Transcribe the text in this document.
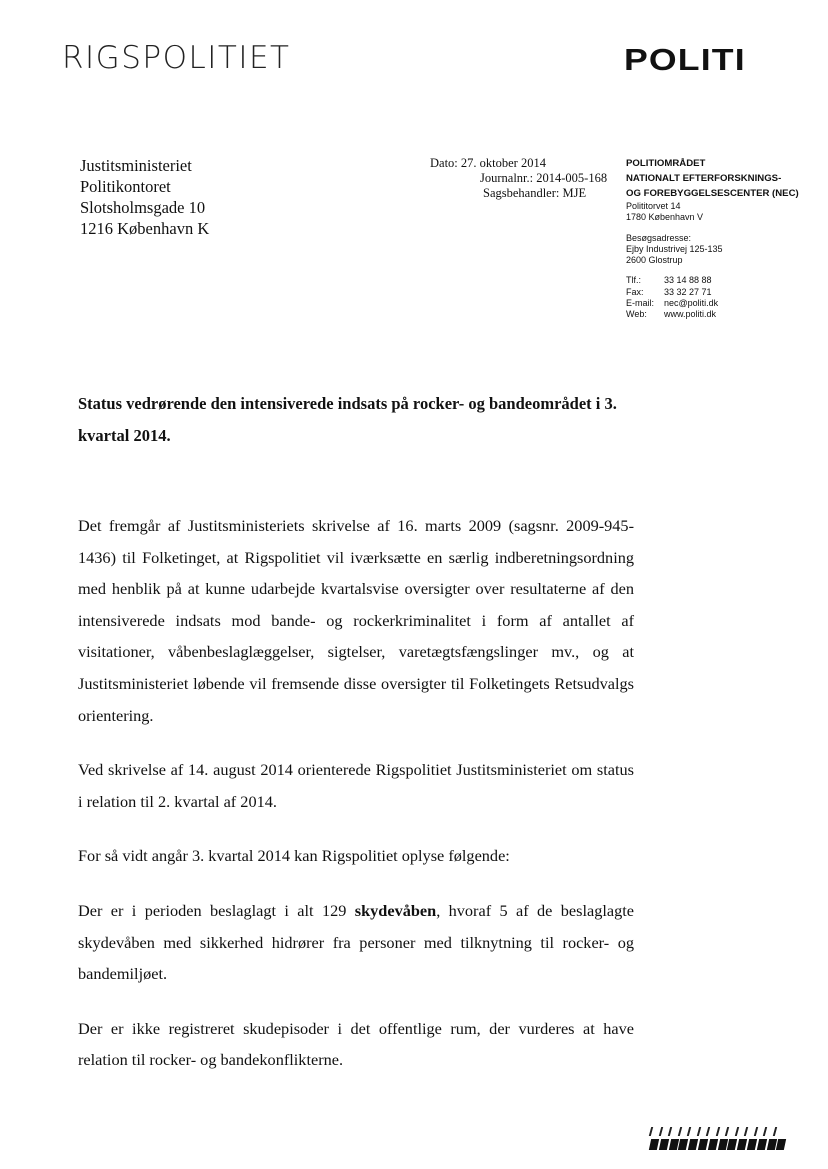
RIGSPOLITIET	POLITI
Justitsministeriet
Politikontoret
Slotsholmsgade 10
1216 København K
Dato: 27. oktober 2014
Journalnr.: 2014-005-168
Sagsbehandler: MJE
POLITIOMRÅDET
NATIONALT EFTERFORSKNINGS-
OG FOREBYGGELSESCENTER (NEC)
Polititorvet 14
1780 København V
Besøgsadresse:
Ejby Industrivej 125-135
2600 Glostrup
Tlf.:	33 14 88 88
Fax: 33 32 27 71
E-mail: nec@politi.dk
Web: www.politi.dk
Status vedrørende den intensiverede indsats på rocker- og bandeområdet i 3. kvartal 2014.

Det fremgår af Justitsministeriets skrivelse af 16. marts 2009 (sagsnr. 2009-945-1436) til Folketinget, at Rigspolitiet vil iværksætte en særlig indberetningsordning med henblik på at kunne udarbejde kvartalsvise oversigter over resultaterne af den intensiverede indsats mod bande- og rockerkriminalitet i form af antallet af visitationer, våbenbeslaglæggelser, sigtelser, varetægtsfængslinger mv., og at Justitsministeriet løbende vil fremsende disse oversigter til Folketingets Retsudvalgs orientering.

Ved skrivelse af 14. august 2014 orienterede Rigspolitiet Justitsministeriet om status i relation til 2. kvartal af 2014.

For så vidt angår 3. kvartal 2014 kan Rigspolitiet oplyse følgende:

Der er i perioden beslaglagt i alt 129 skydevåben, hvoraf 5 af de beslaglagte skydevåben med sikkerhed hidrører fra personer med tilknytning til rocker- og bandemiljøet.

Der er ikke registreret skudepisoder i det offentlige rum, der vurderes at have relation til rocker- og bandekonflikterne.
